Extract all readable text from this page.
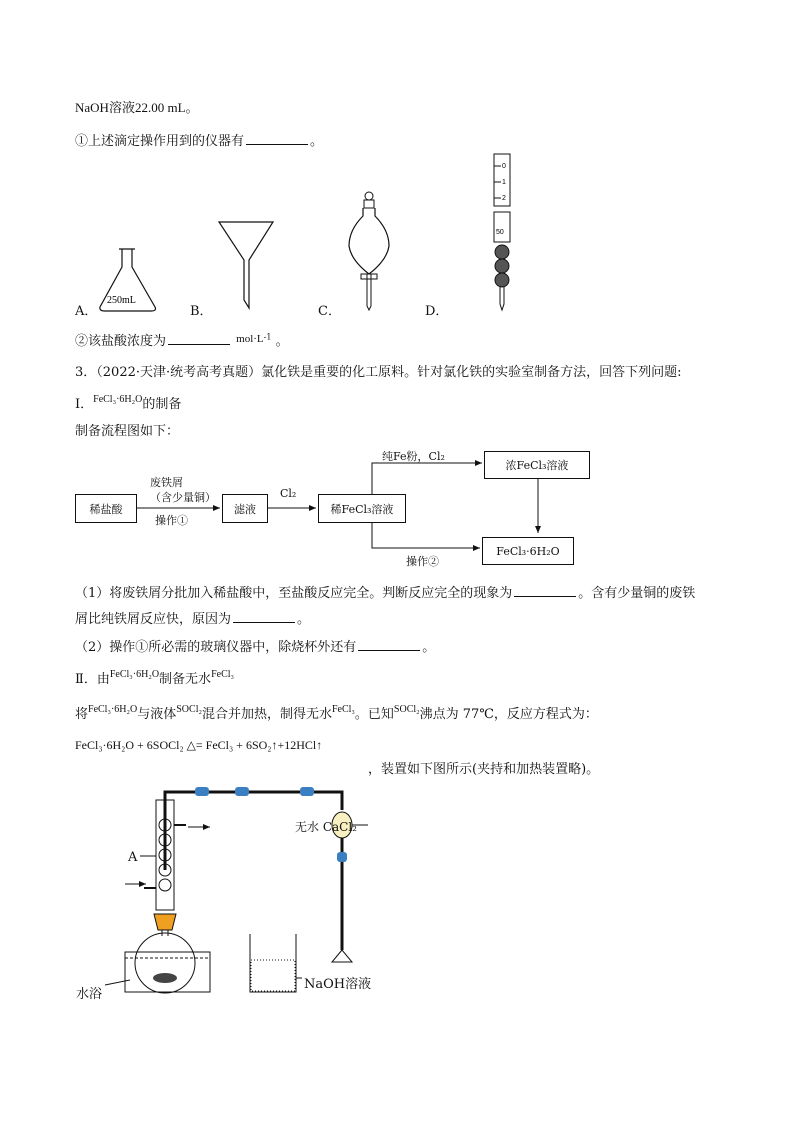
NaOH溶液22.00 mL。
①上述滴定操作用到的仪器有	。
A．	B．	C．	D．
250mL
0
1
2
50
②该盐酸浓度为	$^{mol\cdot L-1}$ 。
3．（2022·天津·统考高考真题）氯化铁是重要的化工原料。针对氯化铁的实验室制备方法，回答下列问题:
Ⅰ．$^{FeCl_3\cdot 6H_2O}$的制备
制备流程图如下：
稀盐酸
废铁屑
（含少量铜）
操作①
滤液
Cl₂
稀FeCl₃溶液
纯Fe粉，Cl₂
浓FeCl₃溶液
操作②
FeCl₃·6H₂O
（1）将废铁屑分批加入稀盐酸中，至盐酸反应完全。判断反应完全的现象为	。含有少量铜的废铁
屑比纯铁屑反应快，原因为	。
（2）操作①所必需的玻璃仪器中，除烧杯外还有	。
Ⅱ．由$^{FeCl_3\cdot 6H_2O}$制备无水$^{FeCl_3}$
将$^{FeCl_3\cdot 6H_2O}$与液体$^{SOCl_2}$混合并加热，制得无水$^{FeCl_3}$。已知$^{SOCl_2}$沸点为 77℃，反应方程式为：
FeCl₃·6H₂O + 6SOCl₂ △= FeCl₃ + 6SO₂↑+12HCl↑
，装置如下图所示(夹持和加热装置略)。
A
无水 CaCl₂
NaOH溶液
水浴
